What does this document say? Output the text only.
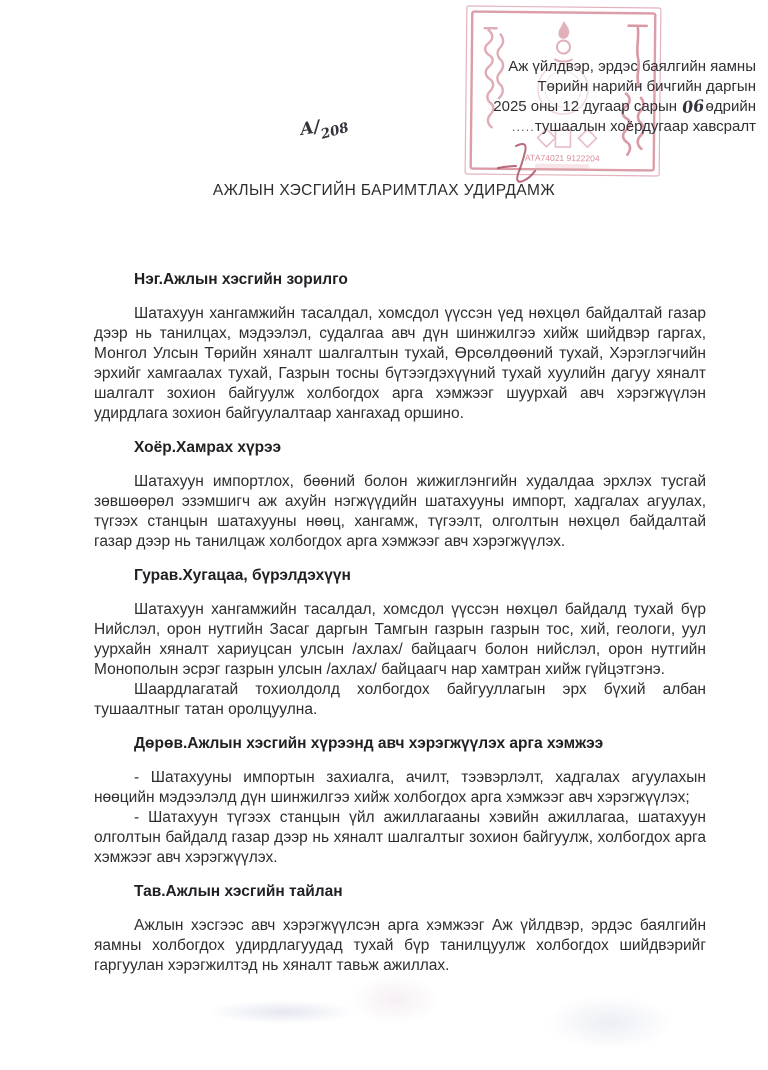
АТА74021 9122204
Аж үйлдвэр, эрдэс баялгийн яамны
Төрийн нарийн бичгийн даргын
2025 оны 12 дугаар сарын 06өдрийн
.....тушаалын хоёрдугаар хавсралт
А/208
АЖЛЫН ХЭСГИЙН БАРИМТЛАХ УДИРДАМЖ
Нэг.Ажлын хэсгийн зорилго

Шатахуун хангамжийн тасалдал, хомсдол үүссэн үед нөхцөл байдалтай газар дээр нь танилцах, мэдээлэл, судалгаа авч дүн шинжилгээ хийж шийдвэр гаргах, Монгол Улсын Төрийн хяналт шалгалтын тухай, Өрсөлдөөний тухай, Хэрэглэгчийн эрхийг хамгаалах тухай, Газрын тосны бүтээгдэхүүний тухай хуулийн дагуу хяналт шалгалт зохион байгуулж холбогдох арга хэмжээг шуурхай авч хэрэгжүүлэн удирдлага зохион байгуулалтаар хангахад оршино.

Хоёр.Хамрах хүрээ

Шатахуун импортлох, бөөний болон жижиглэнгийн худалдаа эрхлэх тусгай зөвшөөрөл эзэмшигч аж ахуйн нэгжүүдийн шатахууны импорт, хадгалах агуулах, түгээх станцын шатахууны нөөц, хангамж, түгээлт, олголтын нөхцөл байдалтай газар дээр нь танилцаж холбогдох арга хэмжээг авч хэрэгжүүлэх.

Гурав.Хугацаа, бүрэлдэхүүн

Шатахуун хангамжийн тасалдал, хомсдол үүссэн нөхцөл байдалд тухай бүр Нийслэл, орон нутгийн Засаг даргын Тамгын газрын газрын тос, хий, геологи, уул уурхайн хяналт хариуцсан улсын /ахлах/ байцаагч болон нийслэл, орон нутгийн Монополын эсрэг газрын улсын /ахлах/ байцаагч нар хамтран хийж гүйцэтгэнэ.

Шаардлагатай тохиолдолд холбогдох байгууллагын эрх бүхий албан тушаалтныг татан оролцуулна.

Дөрөв.Ажлын хэсгийн хүрээнд авч хэрэгжүүлэх арга хэмжээ

- Шатахууны импортын захиалга, ачилт, тээвэрлэлт, хадгалах агуулахын нөөцийн мэдээлэлд дүн шинжилгээ хийж холбогдох арга хэмжээг авч хэрэгжүүлэх;

- Шатахуун түгээх станцын үйл ажиллагааны хэвийн ажиллагаа, шатахуун олголтын байдалд газар дээр нь хяналт шалгалтыг зохион байгуулж, холбогдох арга хэмжээг авч хэрэгжүүлэх.

Тав.Ажлын хэсгийн тайлан

Ажлын хэсгээс авч хэрэгжүүлсэн арга хэмжээг Аж үйлдвэр, эрдэс баялгийн яамны холбогдох удирдлагуудад тухай бүр танилцуулж холбогдох шийдвэрийг гаргуулан хэрэгжилтэд нь хяналт тавьж ажиллах.
